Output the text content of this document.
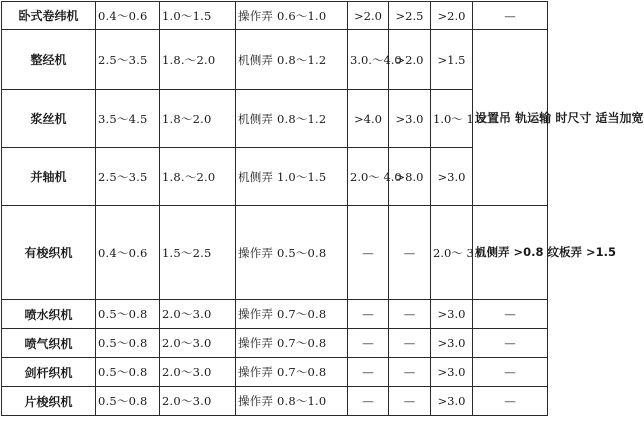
卧式卷纬机	0.4～0.6	1.0～1.5	操作弄 0.6～1.0	>2.0	>2.5	>2.0	—
整经机	2.5～3.5	1.8.～2.0	机侧弄 0.8～1.2	3.0.～4.0	>2.0	>1.5	设置吊 轨运输 时尺寸 适当加宽
浆丝机	3.5～4.5	1.8～2.0	机侧弄 0.8～1.2	>4.0	>3.0	1.0～ 1.5	
并轴机	2.5～3.5	1.8.～2.0	机侧弄 1.0～1.5	2.0～ 4.0	>8.0	>3.0	
有梭织机	0.4～0.6	1.5～2.5	操作弄 0.5～0.8	—	—	2.0～ 3.0	机侧弄 >0.8 纹板弄 >1.5
喷水织机	0.5～0.8	2.0～3.0	操作弄 0.7～0.8	—	—	>3.0	—
喷气织机	0.5～0.8	2.0～3.0	操作弄 0.7～0.8	—	—	>3.0	—
剑杆织机	0.5～0.8	2.0～3.0	操作弄 0.7～0.8	—	—	>3.0	—
片梭织机	0.5～0.8	2.0～3.0	操作弄 0.8～1.0	—	—	>3.0	—
